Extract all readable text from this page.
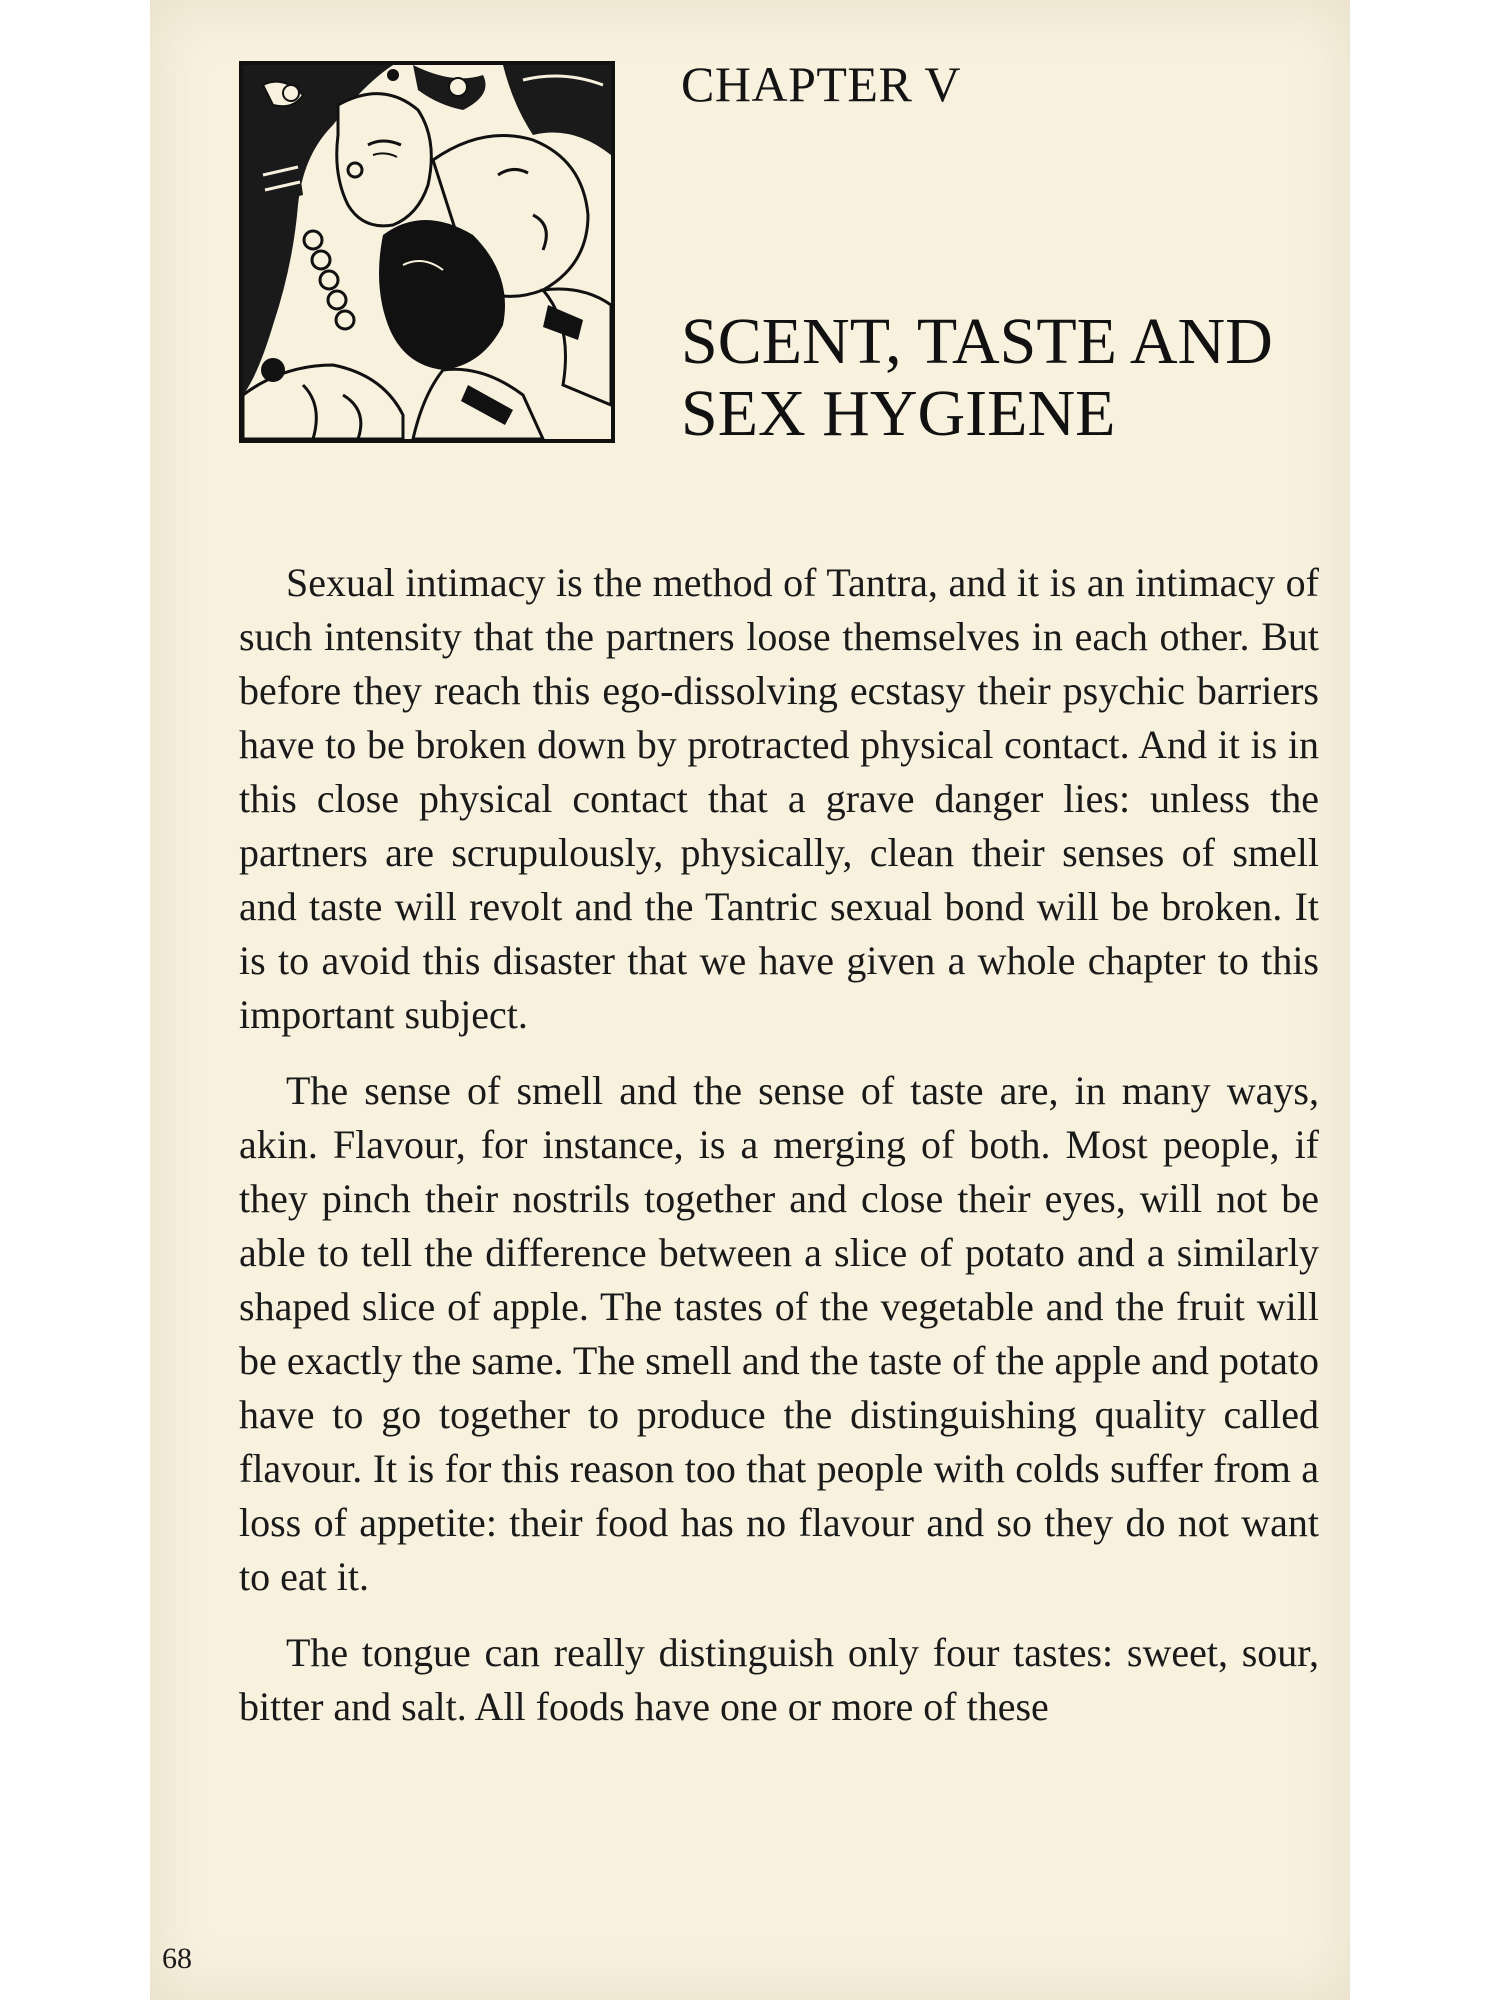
CHAPTER V
SCENT, TASTE AND
SEX HYGIENE

Sexual intimacy is the method of Tantra, and it is an intimacy of such intensity that the partners loose themselves in each other. But before they reach this ego-dissolving ecstasy their psychic barriers have to be broken down by protracted physical contact. And it is in this close physical contact that a grave danger lies: unless the partners are scrupulously, physically, clean their senses of smell and taste will revolt and the Tantric sexual bond will be broken. It is to avoid this disaster that we have given a whole chapter to this important subject.

The sense of smell and the sense of taste are, in many ways, akin. Flavour, for instance, is a merging of both. Most people, if they pinch their nostrils together and close their eyes, will not be able to tell the difference between a slice of potato and a similarly shaped slice of apple. The tastes of the vegetable and the fruit will be exactly the same. The smell and the taste of the apple and potato have to go together to produce the distinguishing quality called flavour. It is for this reason too that people with colds suffer from a loss of appetite: their food has no flavour and so they do not want to eat it.

The tongue can really distinguish only four tastes: sweet, sour, bitter and salt. All foods have one or more of these

68
